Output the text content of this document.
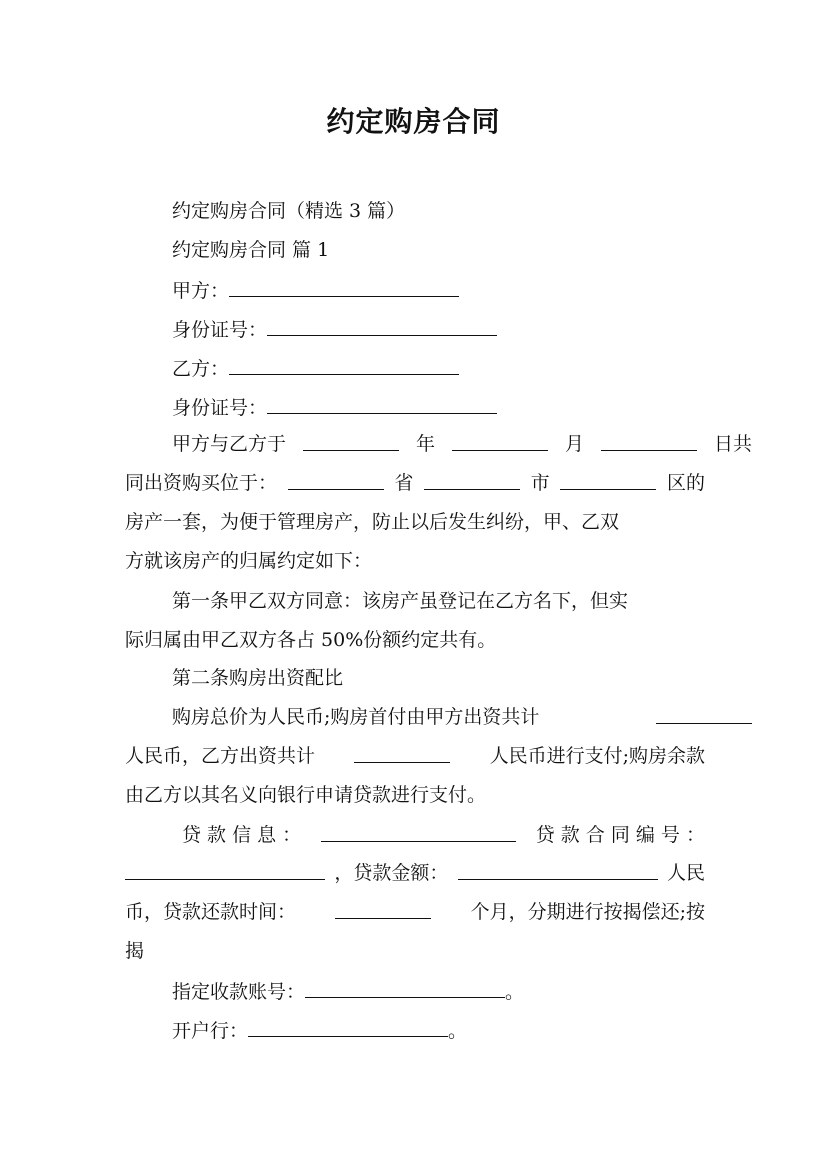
约定购房合同
约定购房合同（精选 3 篇）
约定购房合同 篇 1
甲方：
身份证号：
乙方：
身份证号：
甲方与乙方于	年	月	日共
同出资购买位于：	省	市	区的
房产一套，为便于管理房产，防止以后发生纠纷，甲、乙双
方就该房产的归属约定如下：
第一条甲乙双方同意：该房产虽登记在乙方名下，但实
际归属由甲乙双方各占 50%份额约定共有。
第二条购房出资配比
购房总价为人民币;购房首付由甲方出资共计
人民币，乙方出资共计	人民币进行支付;购房余款
由乙方以其名义向银行申请贷款进行支付。
贷 款 信 息 ：	贷 款 合 同 编 号 ：
，贷款金额：	人民
币，贷款还款时间：	个月，分期进行按揭偿还;按
揭
指定收款账号：	。
开户行：	。
